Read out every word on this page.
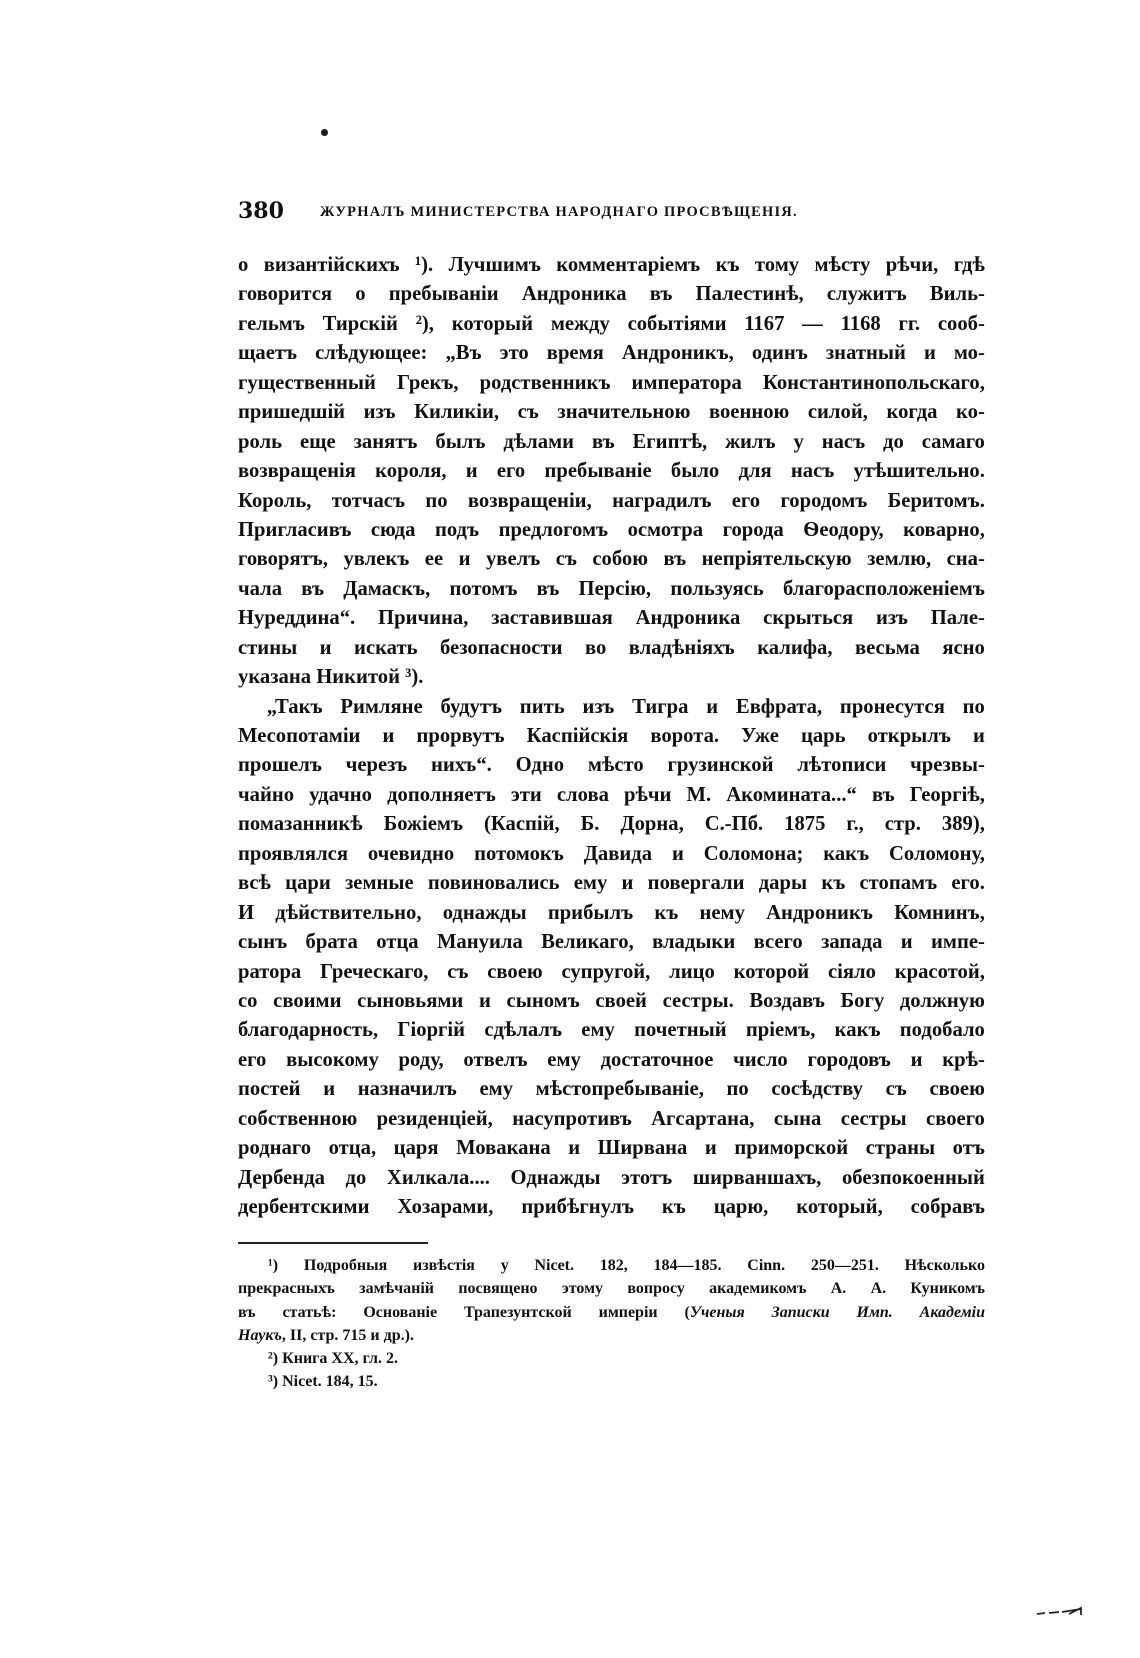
380 ЖУРНАЛЪ МИНИСТЕРСТВА НАРОДНАГО ПРОСВѢЩЕНІЯ.
о византійскихъ ¹). Лучшимъ комментаріемъ къ тому мѣсту рѣчи, гдѣ
говорится о пребываніи Андроника въ Палестинѣ, служитъ Виль-
гельмъ Тирскій ²), который между событіями 1167 — 1168 гг. сооб-
щаетъ слѣдующее: „Въ это время Андроникъ, одинъ знатный и мо-
гущественный Грекъ, родственникъ императора Константинопольскаго,
пришедшій изъ Киликіи, съ значительною военною силой, когда ко-
роль еще занятъ былъ дѣлами въ Египтѣ, жилъ у насъ до самаго
возвращенія короля, и его пребываніе было для насъ утѣшительно.
Король, тотчасъ по возвращеніи, наградилъ его городомъ Беритомъ.
Пригласивъ сюда подъ предлогомъ осмотра города Ѳеодору, коварно,
говорятъ, увлекъ ее и увелъ съ собою въ непріятельскую землю, сна-
чала въ Дамаскъ, потомъ въ Персію, пользуясь благорасположеніемъ
Нуреддина“. Причина, заставившая Андроника скрыться изъ Пале-
стины и искать безопасности во владѣніяхъ калифа, весьма ясно
указана Никитой ³).
„Такъ Римляне будутъ пить изъ Тигра и Евфрата, пронесутся по
Месопотаміи и прорвутъ Каспійскія ворота. Уже царь открылъ и
прошелъ черезъ нихъ“. Одно мѣсто грузинской лѣтописи чрезвы-
чайно удачно дополняетъ эти слова рѣчи М. Акомината...“ въ Георгіѣ,
помазанникѣ Божіемъ (Каспій, Б. Дорна, С.-Пб. 1875 г., стр. 389),
проявлялся очевидно потомокъ Давида и Соломона; какъ Соломону,
всѣ цари земные повиновались ему и повергали дары къ стопамъ его.
И дѣйствительно, однажды прибылъ къ нему Андроникъ Комнинъ,
сынъ брата отца Мануила Великаго, владыки всего запада и импе-
ратора Греческаго, съ своею супругой, лицо которой сіяло красотой,
со своими сыновьями и сыномъ своей сестры. Воздавъ Богу должную
благодарность, Гіоргій сдѣлалъ ему почетный пріемъ, какъ подобало
его высокому роду, отвелъ ему достаточное число городовъ и крѣ-
постей и назначилъ ему мѣстопребываніе, по сосѣдству съ своею
собственною резиденціей, насупротивъ Агсартана, сына сестры своего
роднаго отца, царя Мовакана и Ширвана и приморской страны отъ
Дербенда до Хилкала.... Однажды этотъ ширваншахъ, обезпокоенный
дербентскими Хозарами, прибѣгнулъ къ царю, который, собравъ
¹) Подробныя извѣстія у Nicet. 182, 184—185. Cinn. 250—251. Нѣсколько
прекрасныхъ замѣчаній посвящено этому вопросу академикомъ А. А. Куникомъ
въ статьѣ: Основаніе Трапезунтской имперіи (Ученыя Записки Имп. Академіи
Наукъ, II, стр. 715 и др.).
²) Книга XX, гл. 2.
³) Nicet. 184, 15.
